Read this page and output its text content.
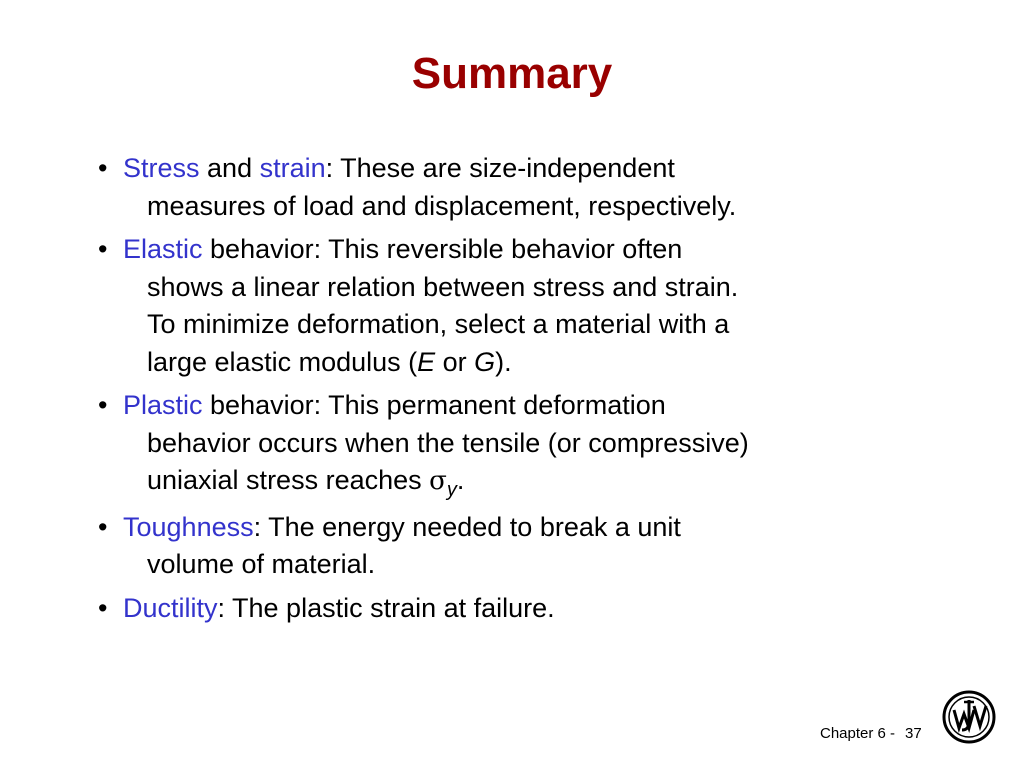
Summary
• Stress and strain: These are size-independent
measures of load and displacement, respectively.
• Elastic behavior: This reversible behavior often
shows a linear relation between stress and strain.
To minimize deformation, select a material with a
large elastic modulus (E or G).
• Plastic behavior: This permanent deformation
behavior occurs when the tensile (or compressive)
uniaxial stress reaches $\sigma_y$.
• Toughness: The energy needed to break a unit
volume of material.
• Ductility: The plastic strain at failure.
Chapter 6 - 37
